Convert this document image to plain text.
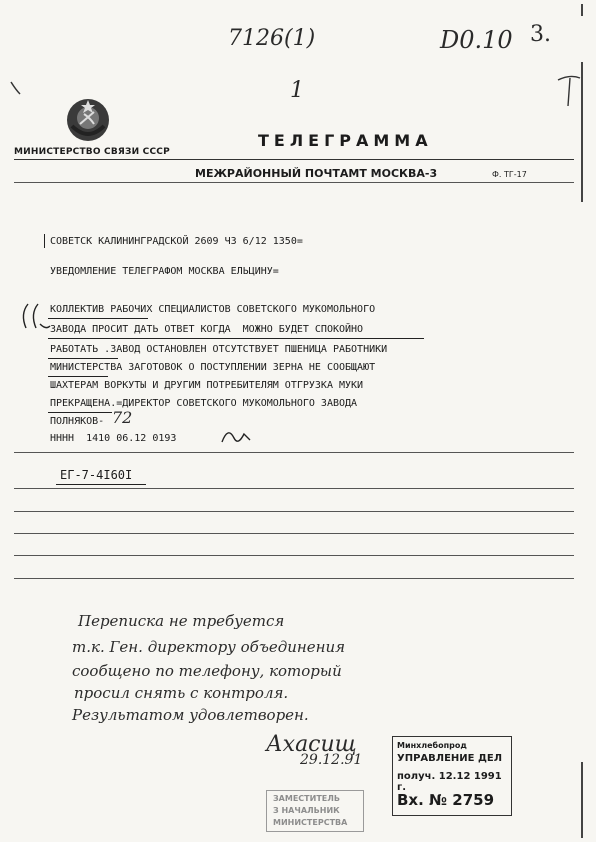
7126(1)	D0.10 3.
1
МИНИСТЕРСТВО СВЯЗИ СССР
ТЕЛЕГРАММА
МЕЖРАЙОННЫЙ ПОЧТАМТ МОСКВА-3	Ф. ТГ-17
СОВЕТСК КАЛИНИНГРАДСКОЙ 2609 Ч3 6/12 1350=
УВЕДОМЛЕНИЕ ТЕЛЕГРАФОМ МОСКВА ЕЛЬЦИНУ=
КОЛЛЕКТИВ РАБОЧИХ СПЕЦИАЛИСТОВ СОВЕТСКОГО МУКОМОЛЬНОГО
ЗАВОДА ПРОСИТ ДАТЬ ОТВЕТ КОГДА  МОЖНО БУДЕТ СПОКОЙНО
РАБОТАТЬ .ЗАВОД ОСТАНОВЛЕН ОТСУТСТВУЕТ ПШЕНИЦА РАБОТНИКИ
МИНИСТЕРСТВА ЗАГОТОВОК О ПОСТУПЛЕНИИ ЗЕРНА НЕ СООБЩАЮТ
ШАХТЕРАМ ВОРКУТЫ И ДРУГИМ ПОТРЕБИТЕЛЯМ ОТГРУЗКА МУКИ
ПРЕКРАЩЕНА.=ДИРЕКТОР СОВЕТСКОГО МУКОМОЛЬНОГО ЗАВОДА
ПОЛНЯКОВ-
НННН  1410 06.12 0193
72
ЕГ-7-4I60I
Переписка не требуется
т.к. Ген. директору объединения
сообщено по телефону, который
просил снять с контроля.
Результатом удовлетворен.
Ахасищ
29.12.91
Минхлебопрод
УПРАВЛЕНИЕ ДЕЛ
получ. 12.12 1991 г.
Вх. № 2759
ЗАМЕСТИТЕЛЬ
З НАЧАЛЬНИК
МИНИСТЕРСТВА
